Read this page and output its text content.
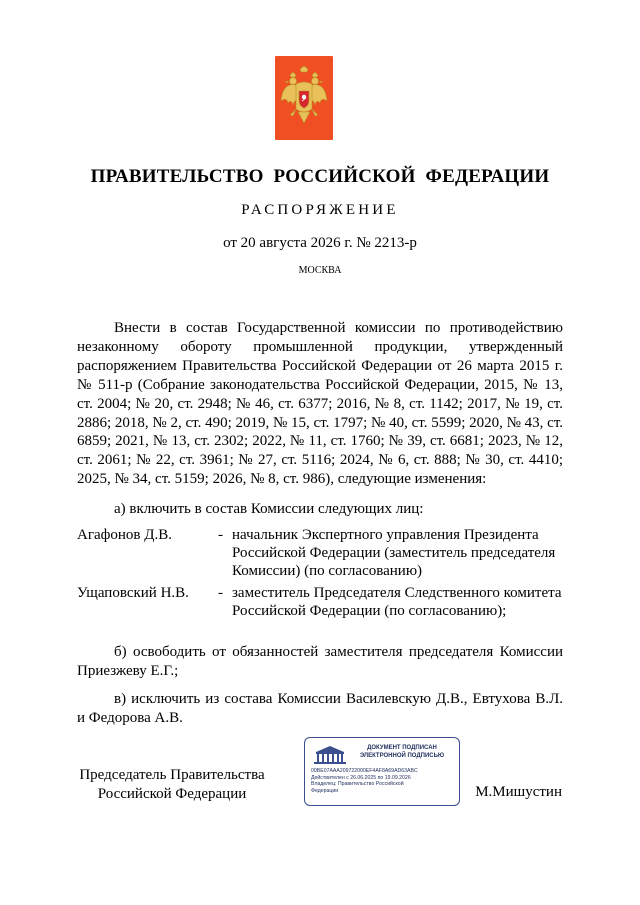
ПРАВИТЕЛЬСТВО РОССИЙСКОЙ ФЕДЕРАЦИИ
РАСПОРЯЖЕНИЕ
от 20 августа 2026 г. № 2213-р
МОСКВА

Внести в состав Государственной комиссии по противодействию незаконному обороту промышленной продукции, утвержденный распоряжением Правительства Российской Федерации от 26 марта 2015 г. № 511-р (Собрание законодательства Российской Федерации, 2015, № 13, ст. 2004; № 20, ст. 2948; № 46, ст. 6377; 2016, № 8, ст. 1142; 2017, № 19, ст. 2886; 2018, № 2, ст. 490; 2019, № 15, ст. 1797; № 40, ст. 5599; 2020, № 43, ст. 6859; 2021, № 13, ст. 2302; 2022, № 11, ст. 1760; № 39, ст. 6681; 2023, № 12, ст. 2061; № 22, ст. 3961; № 27, ст. 5116; 2024, № 6, ст. 888; № 30, ст. 4410; 2025, № 34, ст. 5159; 2026, № 8, ст. 986), следующие изменения:

а) включить в состав Комиссии следующих лиц:
Агафонов Д.В.	- начальник Экспертного управления Президента Российской Федерации (заместитель председателя Комиссии) (по согласованию)
Ущаповский Н.В. - заместитель Председателя Следственного комитета Российской Федерации (по согласованию);

б) освободить от обязанностей заместителя председателя Комиссии Приезжеву Е.Г.;

в) исключить из состава Комиссии Василевскую Д.В., Евтухова В.Л. и Федорова А.В.

Председатель Правительства
Российской Федерации
ДОКУМЕНТ ПОДПИСАН
ЭЛЕКТРОННОЙ ПОДПИСЬЮ
00BE07AAA209722000EF4AF8A69AD63ABC
Действителен с 26.06.2025 по 19.09.2026
Владелец: Правительство Российской
Федерации	М.Мишустин
